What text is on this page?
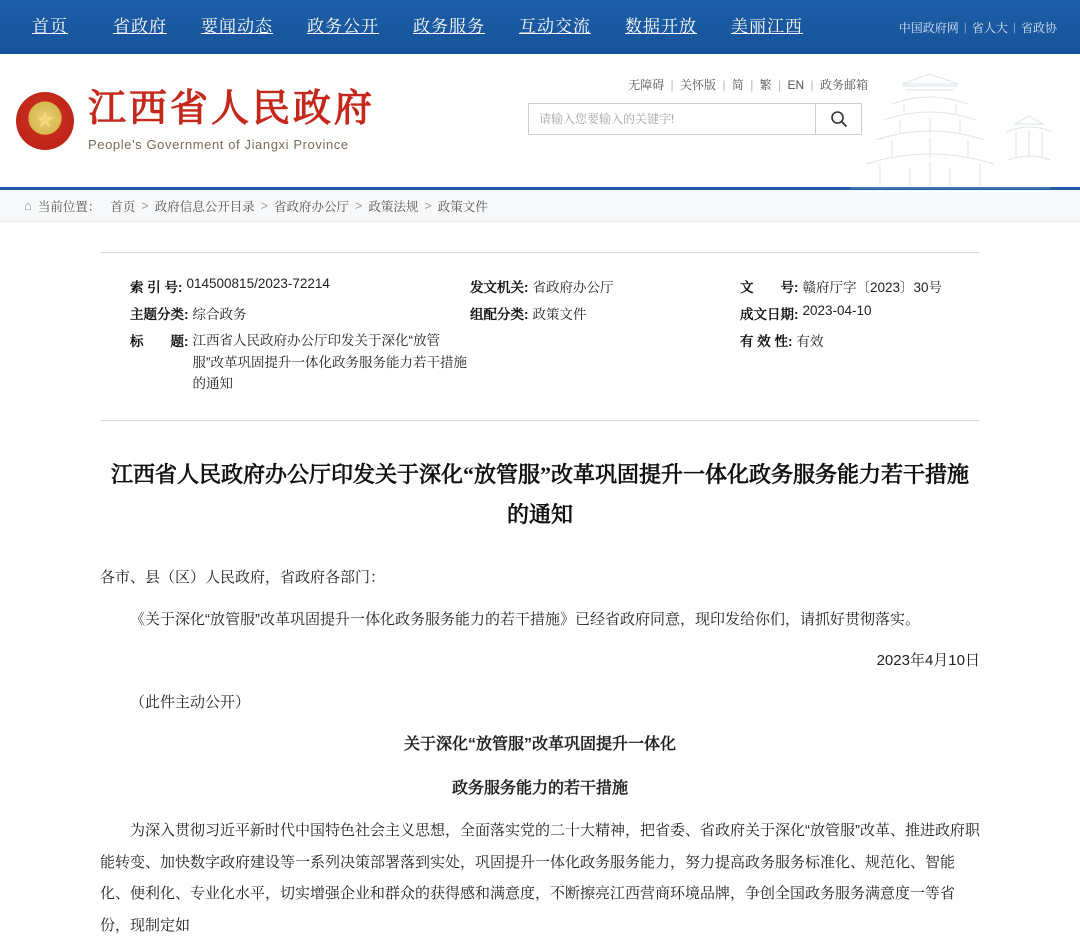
首页	省政府	要闻动态	政务公开	政务服务	互动交流	数据开放	美丽江西	中国政府网 | 省人大 | 省政协
★
江西省人民政府
People's Government of Jiangxi Province
无障碍 | 关怀版 | 简 | 繁 | EN | 政务邮箱
请输入您要输入的关键字!
⌂ 当前位置： 首页 > 政府信息公开目录 > 省政府办公厅 > 政策法规 > 政策文件
索 引 号: 014500815/2023-72214	发文机关: 省政府办公厅	文　　号: 赣府厅字〔2023〕30号
主题分类: 综合政务	组配分类: 政策文件	成文日期: 2023-04-10
标　　题: 江西省人民政府办公厅印发关于深化“放管服”改革巩固提升一体化政务服务能力若干措施的通知
有 效 性: 有效
江西省人民政府办公厅印发关于深化“放管服”改革巩固提升一体化政务服务能力若干措施的通知

各市、县（区）人民政府，省政府各部门：

《关于深化“放管服”改革巩固提升一体化政务服务能力的若干措施》已经省政府同意，现印发给你们，请抓好贯彻落实。

2023年4月10日

（此件主动公开）

关于深化“放管服”改革巩固提升一体化

政务服务能力的若干措施

为深入贯彻习近平新时代中国特色社会主义思想，全面落实党的二十大精神，把省委、省政府关于深化“放管服”改革、推进政府职能转变、加快数字政府建设等一系列决策部署落到实处，巩固提升一体化政务服务能力，努力提高政务服务标准化、规范化、智能化、便利化、专业化水平，切实增强企业和群众的获得感和满意度，不断擦亮江西营商环境品牌，争创全国政务服务满意度一等省份，现制定如
